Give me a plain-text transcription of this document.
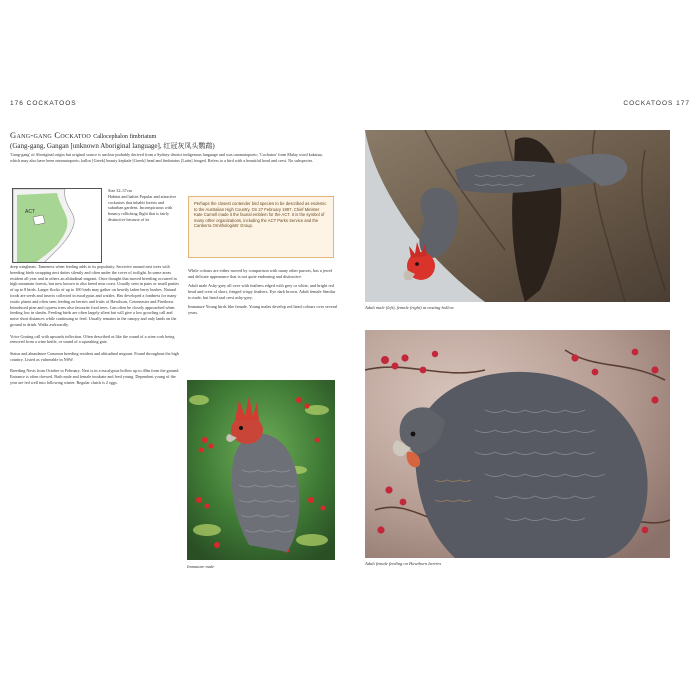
176 COCKATOOS
Gang-gang Cockatoo Callocephalon fimbriatum
(Gang-gang, Gangan [unknown Aboriginal language], 红冠灰凤头鹦鹉)
'Gang-gang' of Aboriginal origin but original source is unclear probably derived from a Sydney district indigenous language and was onomatopoeic; 'Cockatoo' from Malay word kakatua, which may also have been onomatopoeic; kallos [Greek] beauty kephale [Greek] head and fimbriatus [Latin] fringed. Refers to a bird with a beautiful head and crest. No subspecies.
ACT
Size 32–37cm
Habitat and habits Popular and attractive cockatoos that inhabit forests and suburban gardens. Inconspicuous with bouncy rollicking flight that is fairly distinctive because of its
deep wingbeats. Tameness when feeding adds to its popularity. Secretive around nest trees with breeding birds swapping nest duties silently and often under the cover of twilight. In some areas resident all year and in others an altitudinal migrant. Once thought that moved breeding occurred in high mountain forests, but now known to also breed near coast. Usually seen in pairs or small parties of up to 8 birds. Larger flocks of up to 100 birds may gather on heavily laden berry bushes. Natural foods are seeds and insects collected in eucalyptus and wattles. Has developed a fondness for many exotic plants and often seen feeding on berries and fruits of Hawthorn, Cotoneaster and Firethorn. Introduced pine and cypress trees also favourite food trees. Can often be closely approached when feeding low in shrubs. Feeding birds are often largely silent but will give a low growling call and noise short distances while continuing to feed. Usually remains in the canopy and only lands on the ground to drink. Walks awkwardly.

Voice Grating call with upwards inflection. Often described as like the sound of a wine cork being removed from a wine bottle, or sound of a squeaking gate.

Status and abundance Common breeding resident and altitudinal migrant. Found throughout the high country. Listed as vulnerable in NSW.

Breeding Nests from October to February. Nest is in a eucalyptus hollow up to 40m from the ground. Entrance is often chewed. Both male and female incubate and feed young. Dependent young of the year are fed well into following winter. Regular clutch is 2 eggs.
Perhaps the closest contender bird species to be described as endemic to the Australian High Country. On 27 February 1997, Chief Minister Kate Carnell made it the faunal emblem for the ACT. It is the symbol of many other organizations, including the ACT Parks Service and the Canberra Ornithologists' Group.

While colours are either moved by comparison with many other parrots, has a jewel and delicate appearance that is not quite endearing and distinctive.

Adult male Ashy-grey all over with feathers edged with grey or white, and bright red head and crest of short, fringed wispy feathers. Eye dark brown. Adult female Similar to male, but head and crest ashy-grey.

Immature Young birds like female. Young males develop red head colours over several years.

Immature male
COCKATOOS 177
Adult male (left), female (right) at nesting hollow
Adult female feeding on Hawthorn berries
